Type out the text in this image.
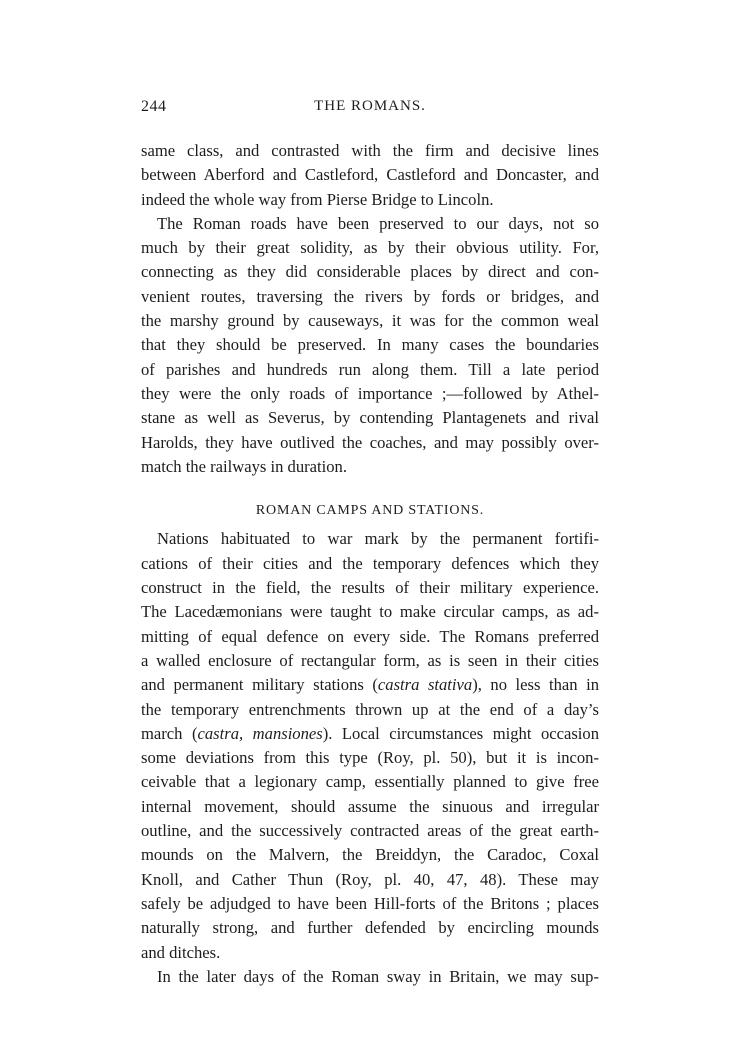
244	THE ROMANS.
same class, and contrasted with the firm and decisive lines
between Aberford and Castleford, Castleford and Doncaster, and
indeed the whole way from Pierse Bridge to Lincoln.
The Roman roads have been preserved to our days, not so
much by their great solidity, as by their obvious utility. For,
connecting as they did considerable places by direct and con-
venient routes, traversing the rivers by fords or bridges, and
the marshy ground by causeways, it was for the common weal
that they should be preserved. In many cases the boundaries
of parishes and hundreds run along them. Till a late period
they were the only roads of importance ;—followed by Athel-
stane as well as Severus, by contending Plantagenets and rival
Harolds, they have outlived the coaches, and may possibly over-
match the railways in duration.
ROMAN CAMPS AND STATIONS.
Nations habituated to war mark by the permanent fortifi-
cations of their cities and the temporary defences which they
construct in the field, the results of their military experience.
The Lacedæmonians were taught to make circular camps, as ad-
mitting of equal defence on every side. The Romans preferred
a walled enclosure of rectangular form, as is seen in their cities
and permanent military stations (castra stativa), no less than in
the temporary entrenchments thrown up at the end of a day’s
march (castra, mansiones). Local circumstances might occasion
some deviations from this type (Roy, pl. 50), but it is incon-
ceivable that a legionary camp, essentially planned to give free
internal movement, should assume the sinuous and irregular
outline, and the successively contracted areas of the great earth-
mounds on the Malvern, the Breiddyn, the Caradoc, Coxal
Knoll, and Cather Thun (Roy, pl. 40, 47, 48). These may
safely be adjudged to have been Hill-forts of the Britons ; places
naturally strong, and further defended by encircling mounds
and ditches.
In the later days of the Roman sway in Britain, we may sup-
